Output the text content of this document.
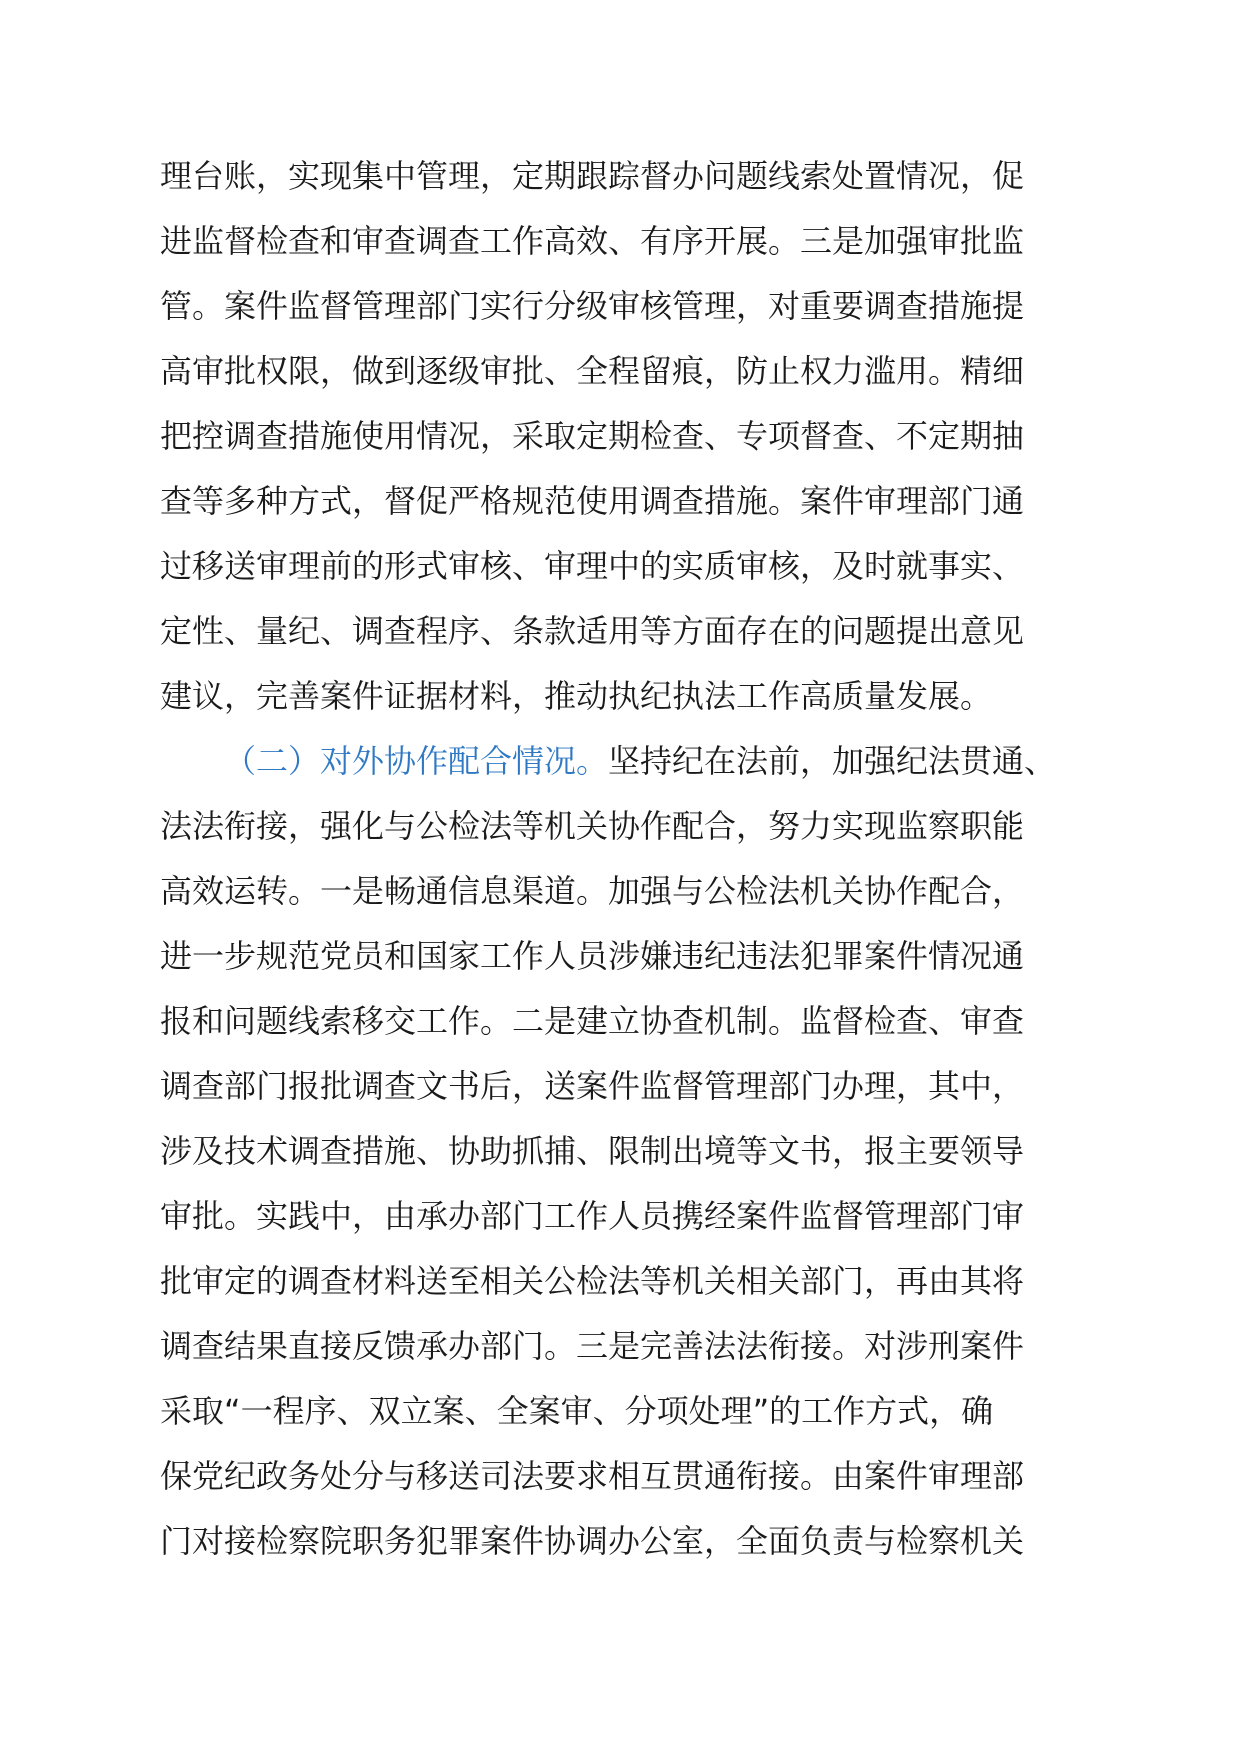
理台账，实现集中管理，定期跟踪督办问题线索处置情况，促
进监督检查和审查调查工作高效、有序开展。三是加强审批监
管。案件监督管理部门实行分级审核管理，对重要调查措施提
高审批权限，做到逐级审批、全程留痕，防止权力滥用。精细
把控调查措施使用情况，采取定期检查、专项督查、不定期抽
查等多种方式，督促严格规范使用调查措施。案件审理部门通
过移送审理前的形式审核、审理中的实质审核，及时就事实、
定性、量纪、调查程序、条款适用等方面存在的问题提出意见
建议，完善案件证据材料，推动执纪执法工作高质量发展。
（二）对外协作配合情况。坚持纪在法前，加强纪法贯通、
法法衔接，强化与公检法等机关协作配合，努力实现监察职能
高效运转。一是畅通信息渠道。加强与公检法机关协作配合，
进一步规范党员和国家工作人员涉嫌违纪违法犯罪案件情况通
报和问题线索移交工作。二是建立协查机制。监督检查、审查
调查部门报批调查文书后，送案件监督管理部门办理，其中，
涉及技术调查措施、协助抓捕、限制出境等文书，报主要领导
审批。实践中，由承办部门工作人员携经案件监督管理部门审
批审定的调查材料送至相关公检法等机关相关部门，再由其将
调查结果直接反馈承办部门。三是完善法法衔接。对涉刑案件
采取“一程序、双立案、全案审、分项处理”的工作方式，确
保党纪政务处分与移送司法要求相互贯通衔接。由案件审理部
门对接检察院职务犯罪案件协调办公室，全面负责与检察机关
